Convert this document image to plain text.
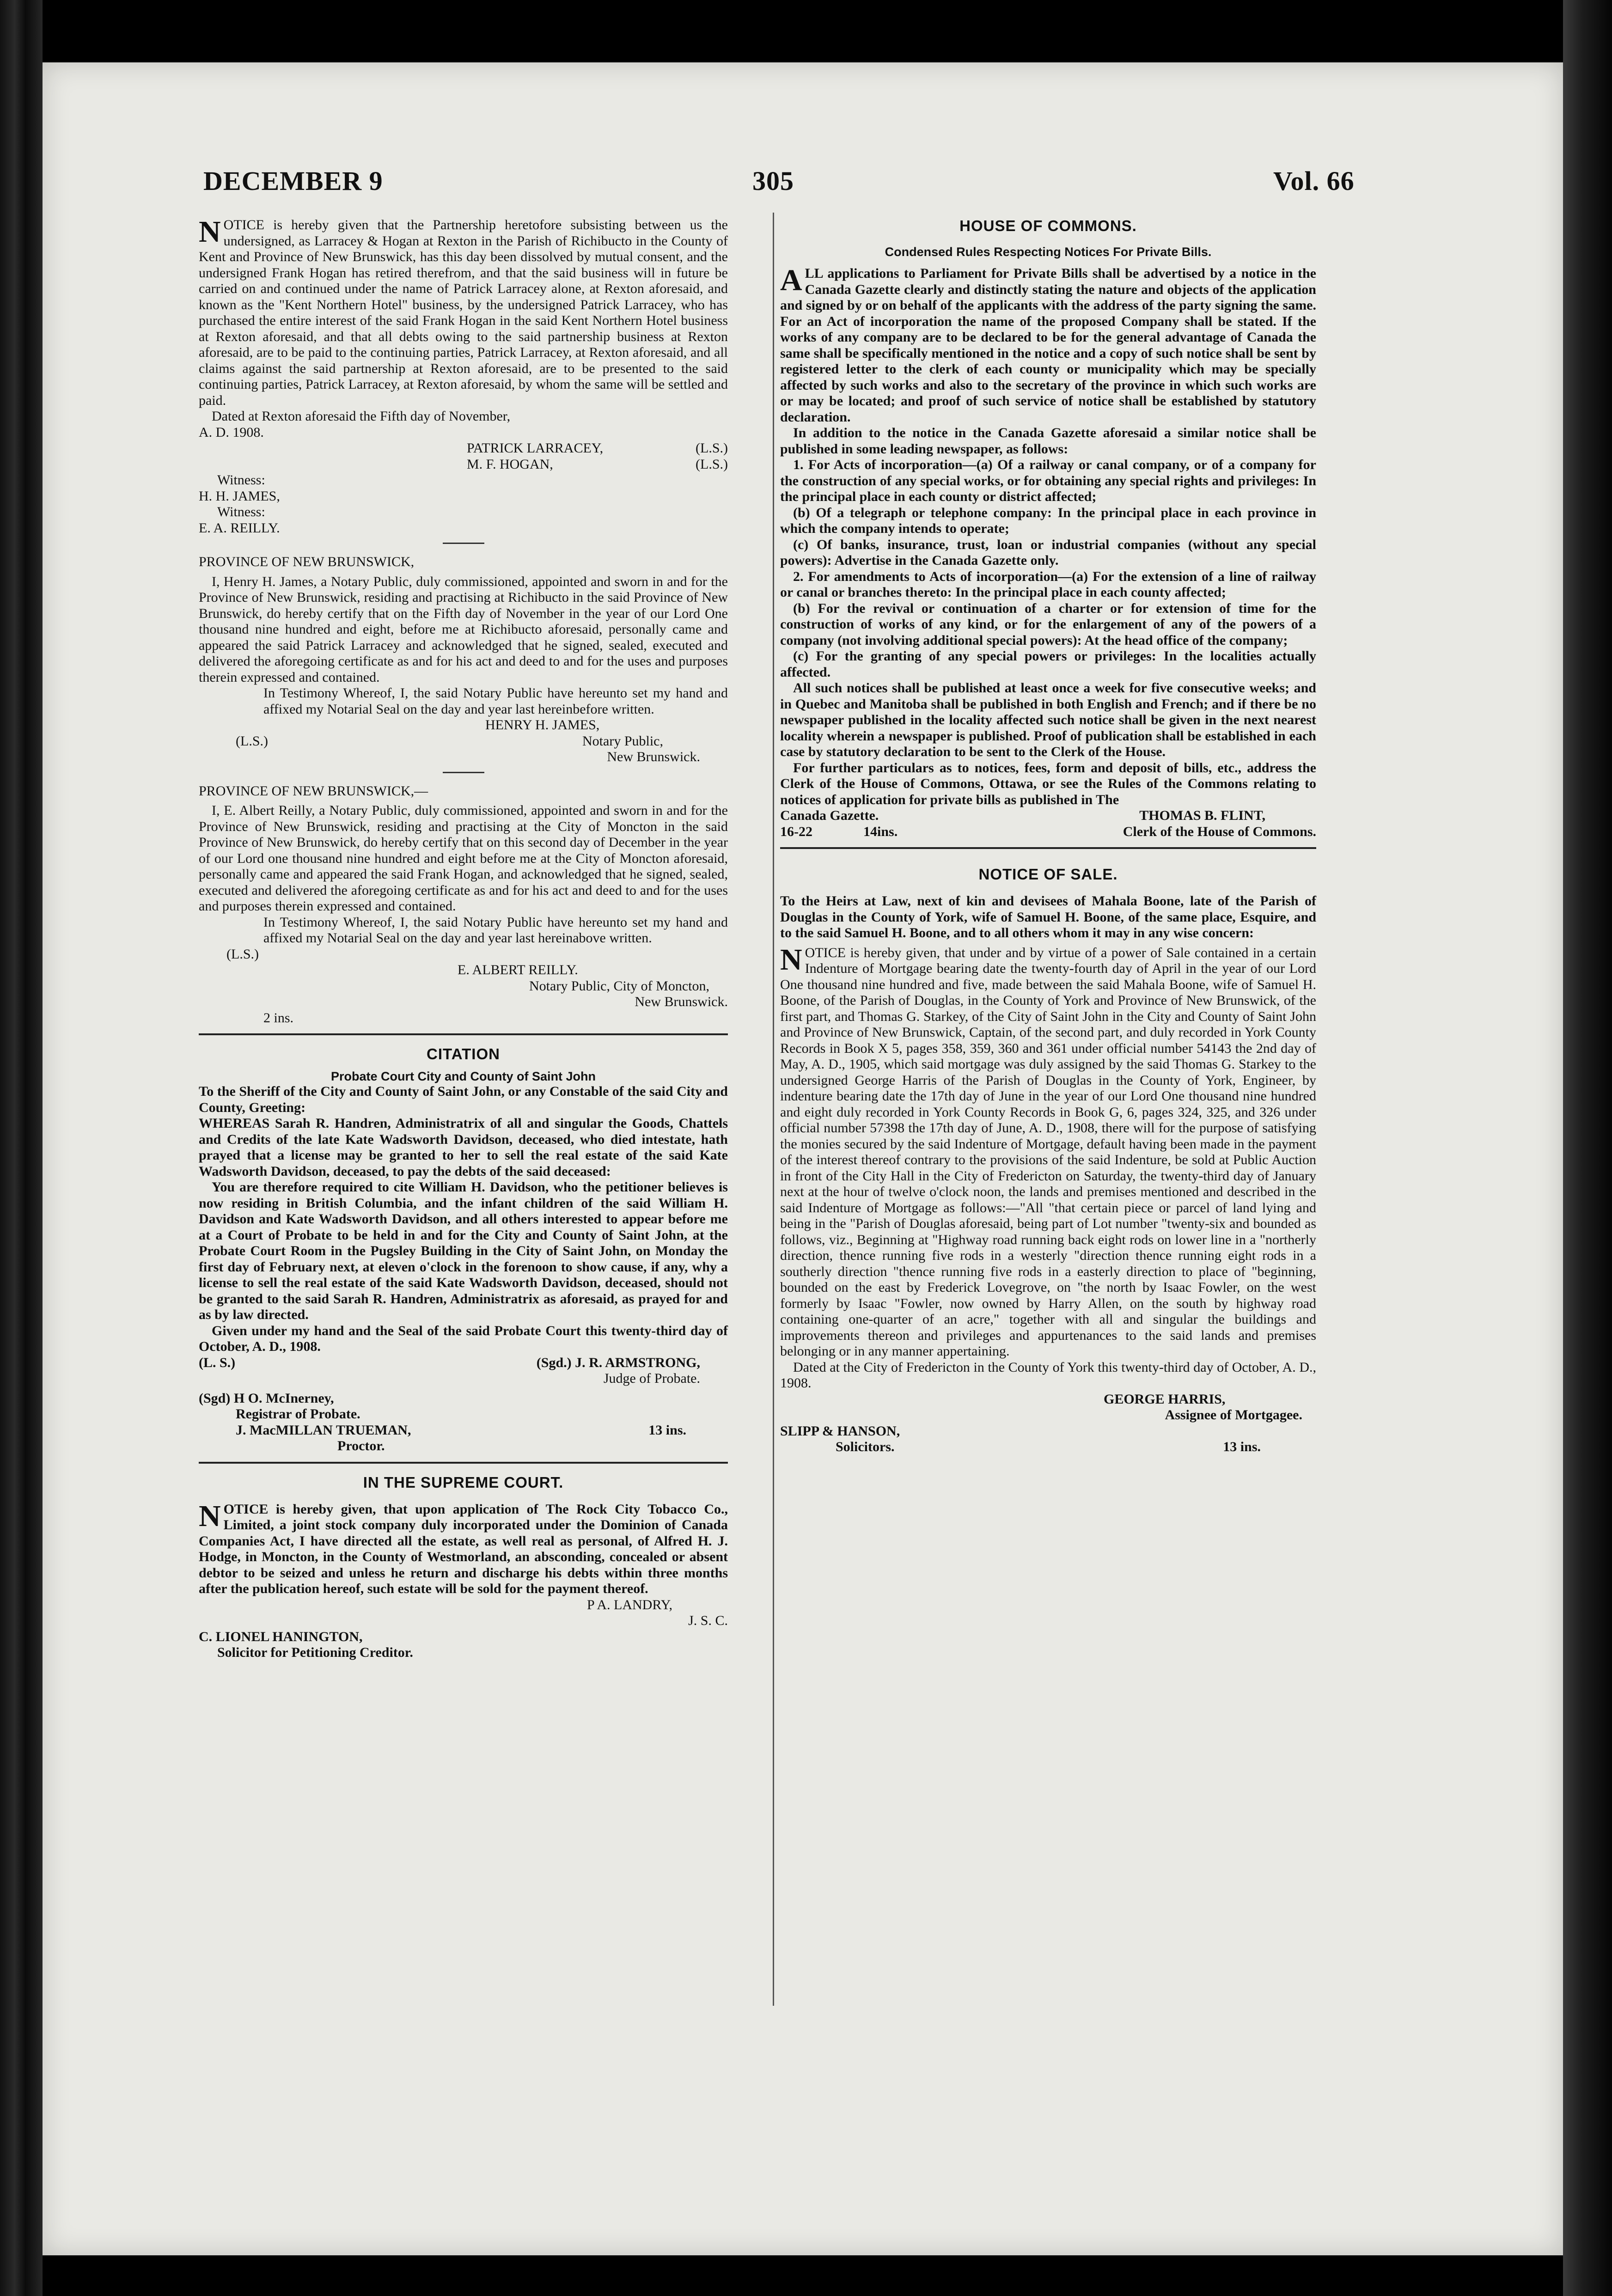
DECEMBER 9	305	Vol. 66

NOTICE is hereby given that the Partnership heretofore subsisting between us the undersigned, as Larracey & Hogan at Rexton in the Parish of Richibucto in the County of Kent and Province of New Brunswick, has this day been dissolved by mutual consent, and the undersigned Frank Hogan has retired therefrom, and that the said business will in future be carried on and continued under the name of Patrick Larracey alone, at Rexton aforesaid, and known as the "Kent Northern Hotel" business, by the undersigned Patrick Larracey, who has purchased the entire interest of the said Frank Hogan in the said Kent Northern Hotel business at Rexton aforesaid, and that all debts owing to the said partnership business at Rexton aforesaid, are to be paid to the continuing parties, Patrick Larracey, at Rexton aforesaid, and all claims against the said partnership at Rexton aforesaid, are to be presented to the said continuing parties, Patrick Larracey, at Rexton aforesaid, by whom the same will be settled and paid.

Dated at Rexton aforesaid the Fifth day of November,

A. D. 1908.

PATRICK LARRACEY,	(L.S.)
M. F. HOGAN,	(L.S.)

Witness:

H. H. JAMES,

Witness:

E. A. REILLY.

PROVINCE OF NEW BRUNSWICK,

I, Henry H. James, a Notary Public, duly commissioned, appointed and sworn in and for the Province of New Brunswick, residing and practising at Richibucto in the said Province of New Brunswick, do hereby certify that on the Fifth day of November in the year of our Lord One thousand nine hundred and eight, before me at Richibucto aforesaid, personally came and appeared the said Patrick Larracey and acknowledged that he signed, sealed, executed and delivered the aforegoing certificate as and for his act and deed to and for the uses and purposes therein expressed and contained.

In Testimony Whereof, I, the said Notary Public have hereunto set my hand and affixed my Notarial Seal on the day and year last hereinbefore written.

HENRY H. JAMES,

(L.S.)	Notary Public,

New Brunswick.

PROVINCE OF NEW BRUNSWICK,—

I, E. Albert Reilly, a Notary Public, duly commissioned, appointed and sworn in and for the Province of New Brunswick, residing and practising at the City of Moncton in the said Province of New Brunswick, do hereby certify that on this second day of December in the year of our Lord one thousand nine hundred and eight before me at the City of Moncton aforesaid, personally came and appeared the said Frank Hogan, and acknowledged that he signed, sealed, executed and delivered the aforegoing certificate as and for his act and deed to and for the uses and purposes therein expressed and contained.

In Testimony Whereof, I, the said Notary Public have hereunto set my hand and affixed my Notarial Seal on the day and year last hereinabove written.

(L.S.)

E. ALBERT REILLY.

Notary Public, City of Moncton,

New Brunswick.

2 ins.

CITATION

Probate Court City and County of Saint John

To the Sheriff of the City and County of Saint John, or any Constable of the said City and County, Greeting:

WHEREAS Sarah R. Handren, Administratrix of all and singular the Goods, Chattels and Credits of the late Kate Wadsworth Davidson, deceased, who died intestate, hath prayed that a license may be granted to her to sell the real estate of the said Kate Wadsworth Davidson, deceased, to pay the debts of the said deceased:

You are therefore required to cite William H. Davidson, who the petitioner believes is now residing in British Columbia, and the infant children of the said William H. Davidson and Kate Wadsworth Davidson, and all others interested to appear before me at a Court of Probate to be held in and for the City and County of Saint John, at the Probate Court Room in the Pugsley Building in the City of Saint John, on Monday the first day of February next, at eleven o'clock in the forenoon to show cause, if any, why a license to sell the real estate of the said Kate Wadsworth Davidson, deceased, should not be granted to the said Sarah R. Handren, Administratrix as aforesaid, as prayed for and as by law directed.

Given under my hand and the Seal of the said Probate Court this twenty-third day of October, A. D., 1908.

(L. S.)	(Sgd.) J. R. ARMSTRONG,

Judge of Probate.

(Sgd) H O. McInerney,

Registrar of Probate.

J. MacMILLAN TRUEMAN,	13 ins.

Proctor.

IN THE SUPREME COURT.

NOTICE is hereby given, that upon application of The Rock City Tobacco Co., Limited, a joint stock company duly incorporated under the Dominion of Canada Companies Act, I have directed all the estate, as well real as personal, of Alfred H. J. Hodge, in Moncton, in the County of Westmorland, an absconding, concealed or absent debtor to be seized and unless he return and discharge his debts within three months after the publication hereof, such estate will be sold for the payment thereof.

P A. LANDRY,

J. S. C.

C. LIONEL HANINGTON,

Solicitor for Petitioning Creditor.

HOUSE OF COMMONS.

Condensed Rules Respecting Notices For Private Bills.

ALL applications to Parliament for Private Bills shall be advertised by a notice in the Canada Gazette clearly and distinctly stating the nature and objects of the application and signed by or on behalf of the applicants with the address of the party signing the same. For an Act of incorporation the name of the proposed Company shall be stated. If the works of any company are to be declared to be for the general advantage of Canada the same shall be specifically mentioned in the notice and a copy of such notice shall be sent by registered letter to the clerk of each county or municipality which may be specially affected by such works and also to the secretary of the province in which such works are or may be located; and proof of such service of notice shall be established by statutory declaration.

In addition to the notice in the Canada Gazette aforesaid a similar notice shall be published in some leading newspaper, as follows:

1. For Acts of incorporation—(a) Of a railway or canal company, or of a company for the construction of any special works, or for obtaining any special rights and privileges: In the principal place in each county or district affected;

(b) Of a telegraph or telephone company: In the principal place in each province in which the company intends to operate;

(c) Of banks, insurance, trust, loan or industrial companies (without any special powers): Advertise in the Canada Gazette only.

2. For amendments to Acts of incorporation—(a) For the extension of a line of railway or canal or branches thereto: In the principal place in each county affected;

(b) For the revival or continuation of a charter or for extension of time for the construction of works of any kind, or for the enlargement of any of the powers of a company (not involving additional special powers): At the head office of the company;

(c) For the granting of any special powers or privileges: In the localities actually affected.

All such notices shall be published at least once a week for five consecutive weeks; and in Quebec and Manitoba shall be published in both English and French; and if there be no newspaper published in the locality affected such notice shall be given in the next nearest locality wherein a newspaper is published. Proof of publication shall be established in each case by statutory declaration to be sent to the Clerk of the House.

For further particulars as to notices, fees, form and deposit of bills, etc., address the Clerk of the House of Commons, Ottawa, or see the Rules of the Commons relating to notices of application for private bills as published in The

Canada Gazette.	THOMAS B. FLINT,
16-22	14ins.	Clerk of the House of Commons.

NOTICE OF SALE.

To the Heirs at Law, next of kin and devisees of Mahala Boone, late of the Parish of Douglas in the County of York, wife of Samuel H. Boone, of the same place, Esquire, and to the said Samuel H. Boone, and to all others whom it may in any wise concern:

NOTICE is hereby given, that under and by virtue of a power of Sale contained in a certain Indenture of Mortgage bearing date the twenty-fourth day of April in the year of our Lord One thousand nine hundred and five, made between the said Mahala Boone, wife of Samuel H. Boone, of the Parish of Douglas, in the County of York and Province of New Brunswick, of the first part, and Thomas G. Starkey, of the City of Saint John in the City and County of Saint John and Province of New Brunswick, Captain, of the second part, and duly recorded in York County Records in Book X 5, pages 358, 359, 360 and 361 under official number 54143 the 2nd day of May, A. D., 1905, which said mortgage was duly assigned by the said Thomas G. Starkey to the undersigned George Harris of the Parish of Douglas in the County of York, Engineer, by indenture bearing date the 17th day of June in the year of our Lord One thousand nine hundred and eight duly recorded in York County Records in Book G, 6, pages 324, 325, and 326 under official number 57398 the 17th day of June, A. D., 1908, there will for the purpose of satisfying the monies secured by the said Indenture of Mortgage, default having been made in the payment of the interest thereof contrary to the provisions of the said Indenture, be sold at Public Auction in front of the City Hall in the City of Fredericton on Saturday, the twenty-third day of January next at the hour of twelve o'clock noon, the lands and premises mentioned and described in the said Indenture of Mortgage as follows:—"All "that certain piece or parcel of land lying and being in the "Parish of Douglas aforesaid, being part of Lot number "twenty-six and bounded as follows, viz., Beginning at "Highway road running back eight rods on lower line in a "northerly direction, thence running five rods in a westerly "direction thence running eight rods in a southerly direction "thence running five rods in a easterly direction to place of "beginning, bounded on the east by Frederick Lovegrove, on "the north by Isaac Fowler, on the west formerly by Isaac "Fowler, now owned by Harry Allen, on the south by highway road containing one-quarter of an acre," together with all and singular the buildings and improvements thereon and privileges and appurtenances to the said lands and premises belonging or in any manner appertaining.

Dated at the City of Fredericton in the County of York this twenty-third day of October, A. D., 1908.

GEORGE HARRIS,

Assignee of Mortgagee.

SLIPP & HANSON,

Solicitors.	13 ins.
